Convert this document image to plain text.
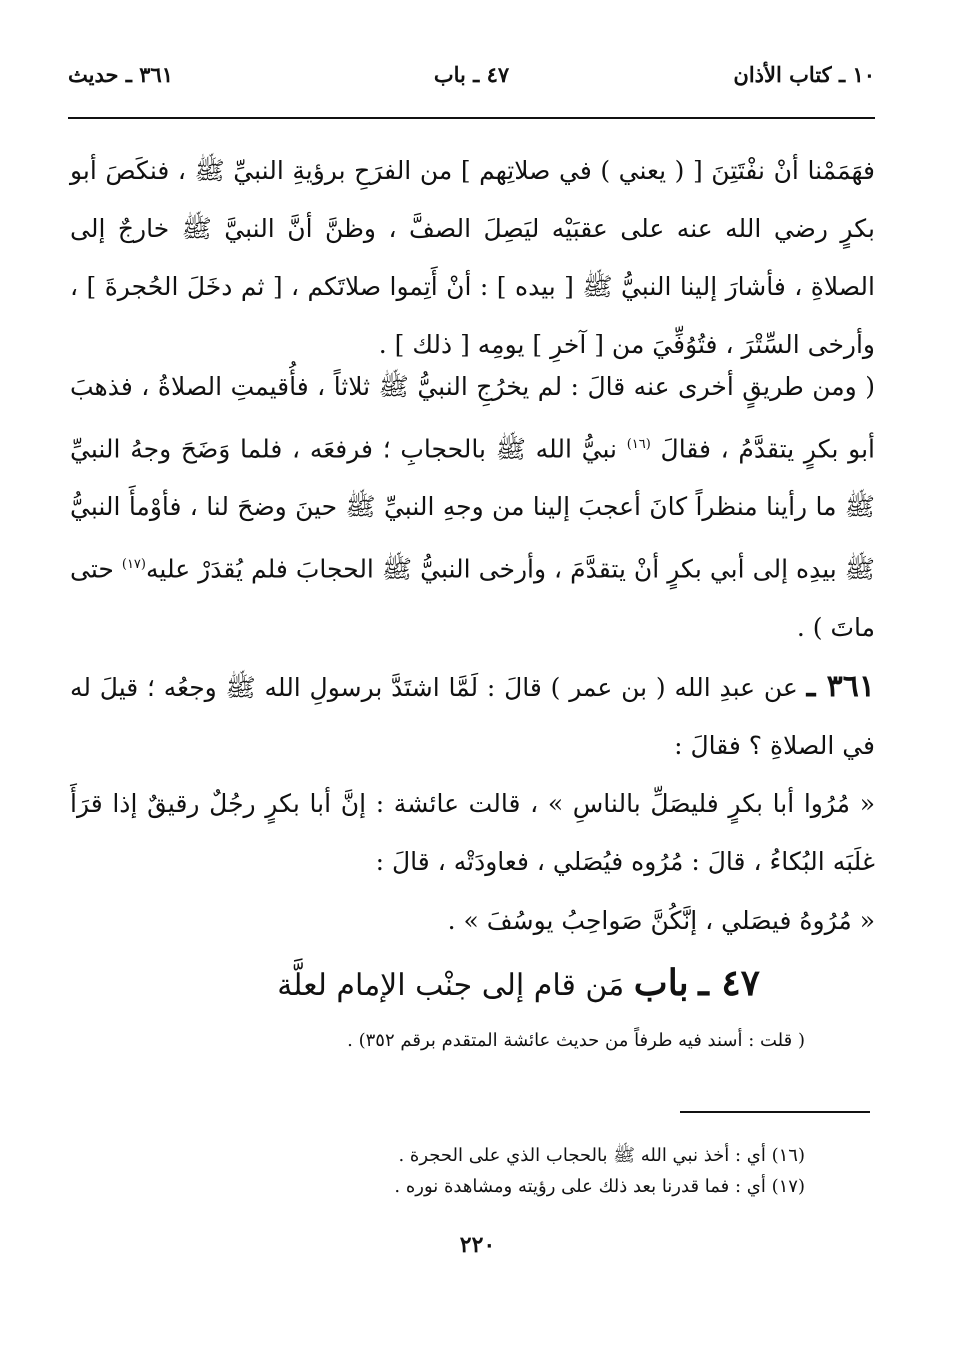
١٠ ـ كتاب الأذان
٤٧ ـ باب
٣٦١ ـ حديث
فهَمَمْنا أنْ نفْتَتِنَ [ ( يعني ) في صلاتِهم ] من الفرَحِ برؤيةِ النبيِّ ﷺ ، فنكَصَ أبو بكرٍ رضي الله عنه على عقبَيْه ليَصِلَ الصفَّ ، وظنَّ أنَّ النبيَّ ﷺ خارجٌ إلى الصلاةِ ، فأشارَ إلينا النبيُّ ﷺ [ بيده ] : أنْ أَتِموا صلاتَكم ، [ ثم دخَلَ الحُجرةَ ] ، وأرخى السِّتْرَ ، فتُوُفِّيَ من [ آخرِ ] يومِه [ ذلك ] .
( ومن طريقٍ أخرى عنه قالَ : لم يخرُجِ النبيُّ ﷺ ثلاثاً ، فأُقيمتِ الصلاةُ ، فذهبَ أبو بكرٍ يتقدَّمُ ، فقالَ $^{(١٦)}$ نبيُّ الله ﷺ بالحجابِ ؛ فرفعَه ، فلما وَضَحَ وجهُ النبيِّ ﷺ ما رأينا منظراً كانَ أعجبَ إلينا من وجهِ النبيِّ ﷺ حينَ وضحَ لنا ، فأوْمأَ النبيُّ ﷺ بيدِه إلى أبي بكرٍ أنْ يتقدَّمَ ، وأرخى النبيُّ ﷺ الحجابَ فلم يُقدَرْ عليه$^{(١٧)}$ حتى ماتَ ) .
٣٦١ ـ عن عبدِ الله ( بن عمر ) قالَ : لَمَّا اشتَدَّ برسولِ الله ﷺ وجعُه ؛ قيلَ له في الصلاةِ ؟ فقالَ :
« مُرُوا أبا بكرٍ فليصَلِّ بالناسِ » ، قالت عائشة : إنَّ أبا بكرٍ رجُلٌ رقيقٌ إذا قرَأَ غلَبَه البُكاءُ ، قالَ : مُرُوه فيُصَلي ، فعاودَتْه ، قالَ :
« مُرُوهُ فيصَلي ، إنَّكُنَّ صَواحِبُ يوسُفَ » .
٤٧ ـ باب مَن قام إلى جنْب الإمام لعلَّة
( قلت : أسند فيه طرفاً من حديث عائشة المتقدم برقم ٣٥٢) .
(١٦) أي : أخذ نبي الله ﷺ بالحجاب الذي على الحجرة .
(١٧) أي : فما قدرنا بعد ذلك على رؤيته ومشاهدة نوره .
٢٢٠
